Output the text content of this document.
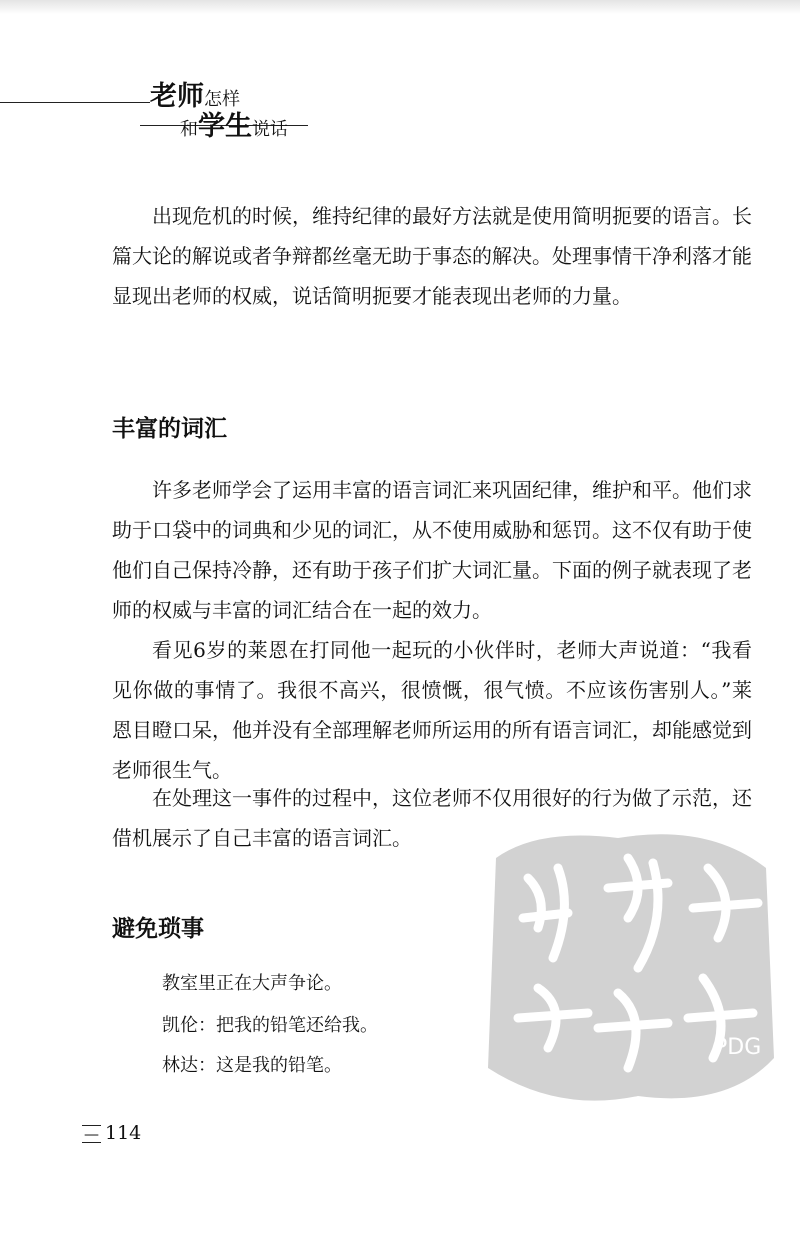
老师怎样
和学生说话

出现危机的时候，维持纪律的最好方法就是使用简明扼要的语言。长篇大论的解说或者争辩都丝毫无助于事态的解决。处理事情干净利落才能显现出老师的权威，说话简明扼要才能表现出老师的力量。

丰富的词汇

许多老师学会了运用丰富的语言词汇来巩固纪律，维护和平。他们求助于口袋中的词典和少见的词汇，从不使用威胁和惩罚。这不仅有助于使他们自己保持冷静，还有助于孩子们扩大词汇量。下面的例子就表现了老师的权威与丰富的词汇结合在一起的效力。

看见6岁的莱恩在打同他一起玩的小伙伴时，老师大声说道：“我看见你做的事情了。我很不高兴，很愤慨，很气愤。不应该伤害别人。”莱恩目瞪口呆，他并没有全部理解老师所运用的所有语言词汇，却能感觉到老师很生气。

在处理这一事件的过程中，这位老师不仅用很好的行为做了示范，还借机展示了自己丰富的语言词汇。

避免琐事

教室里正在大声争论。

凯伦：把我的铅笔还给我。

林达：这是我的铅笔。

— 114
PDG
